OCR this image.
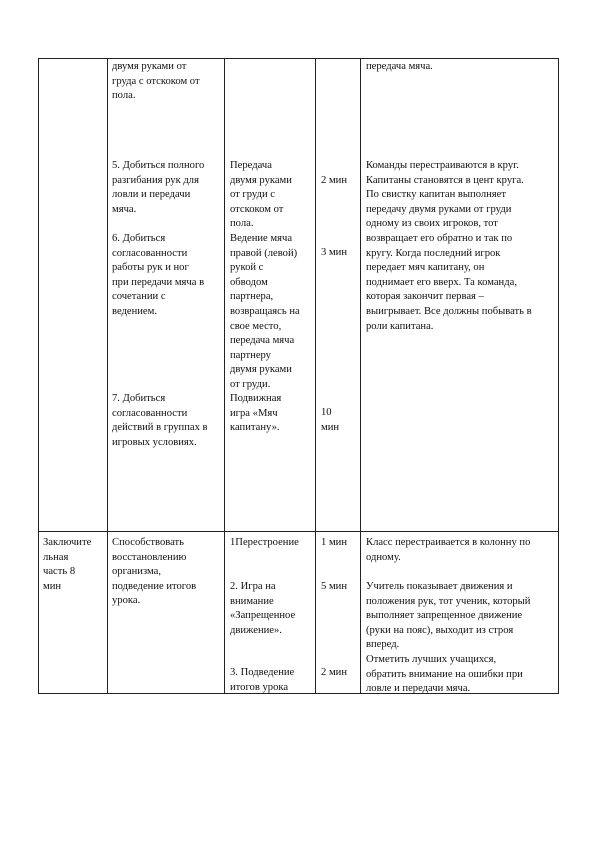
двумя руками от
груда с отскоком от
пола.
5. Добиться полного
разгибания рук для
ловли и передачи
мяча.
6. Добиться
согласованности
работы рук и ног
при передачи мяча в
сочетании с
ведением.
7. Добиться
согласованности
действий в группах в
игровых условиях.
Передача
двумя руками
от груди с
отскоком от
пола.
Ведение мяча
правой (левой)
рукой с
обводом
партнера,
возвращаясь на
свое место,
передача мяча
партнеру
двумя руками
от груди.
Подвижная
игра «Мяч
капитану».
2 мин
3 мин
10
мин
передача мяча.
Команды перестраиваются в круг.
Капитаны становятся в цент круга.
По свистку капитан выполняет
передачу двумя руками от груди
одному из своих игроков, тот
возвращает его обратно и так по
кругу. Когда последний игрок
передает мяч капитану, он
поднимает его вверх. Та команда,
которая закончит первая –
выигрывает. Все должны побывать в
роли капитана.
Заключите
льная
часть 8
мин
Способствовать
восстановлению
организма,
подведение итогов
урока.
1Перестроение
2. Игра на
внимание
«Запрещенное
движение».
3. Подведение
итогов урока
1 мин
5 мин
2 мин
Класс перестраивается в колонну по
одному.
Учитель показывает движения и
положения рук, тот ученик, который
выполняет запрещенное движение
(руки на пояс), выходит из строя
вперед.
Отметить лучших учащихся,
обратить внимание на ошибки при
ловле и передачи мяча.
